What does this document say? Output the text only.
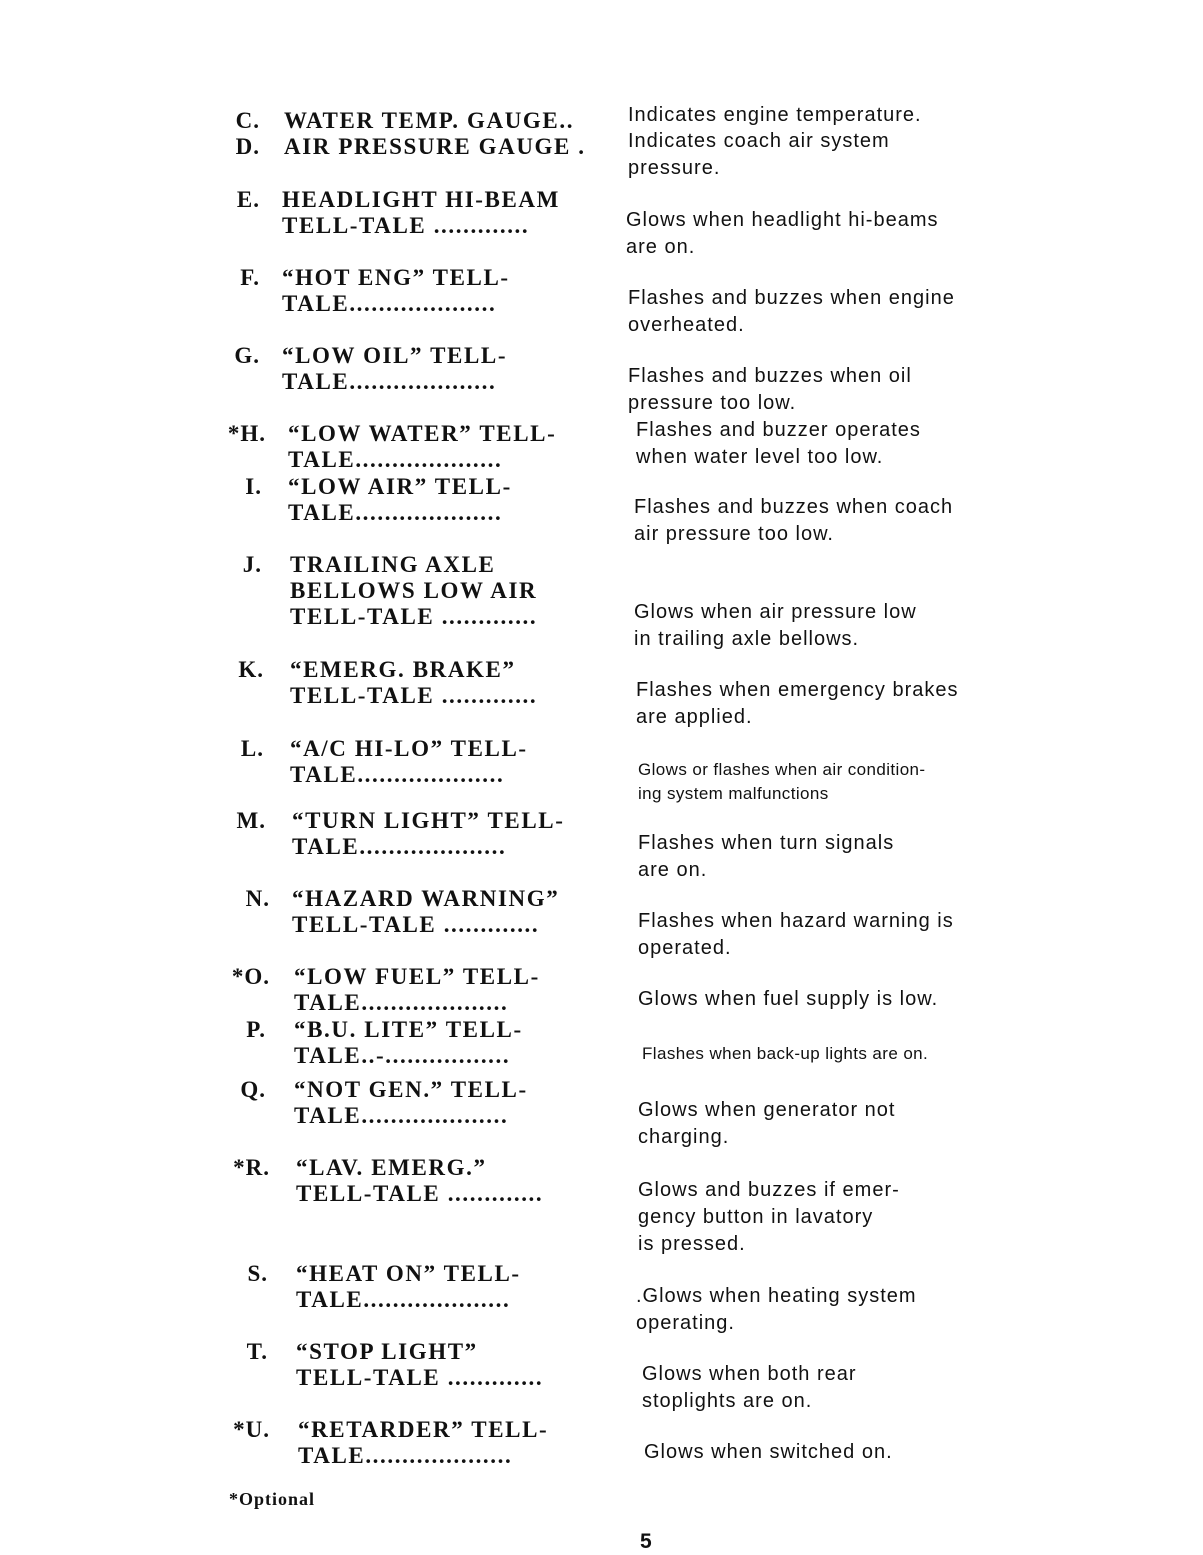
C. WATER TEMP. GAUGE..	Indicates engine temperature.
D. AIR PRESSURE GAUGE . Indicates coach air system
pressure.
E. HEADLIGHT HI-BEAM
TELL-TALE .............	Glows when headlight hi-beams
are on.
F. “HOT ENG” TELL-
TALE....................	Flashes and buzzes when engine
overheated.
G. “LOW OIL” TELL-
TALE....................	Flashes and buzzes when oil
pressure too low.
*H. “LOW WATER” TELL-
TALE....................
Flashes and buzzer operates
when water level too low.
I. “LOW AIR” TELL-
TALE....................	Flashes and buzzes when coach
air pressure too low.
J. TRAILING AXLE
BELLOWS LOW AIR
TELL-TALE .............	Glows when air pressure low
in trailing axle bellows.
K. “EMERG. BRAKE”
TELL-TALE .............	Flashes when emergency brakes
are applied.
L. “A/C HI-LO” TELL-
TALE....................	Glows or flashes when air condition-
ing system malfunctions
M. “TURN LIGHT” TELL-
TALE....................	Flashes when turn signals
are on.
N. “HAZARD WARNING”
TELL-TALE .............	Flashes when hazard warning is
operated.
*O. “LOW FUEL” TELL-
TALE....................	Glows when fuel supply is low.
P. “B.U. LITE” TELL-
TALE..-.................	Flashes when back-up lights are on.
Q. “NOT GEN.” TELL-
TALE....................	Glows when generator not
charging.
*R. “LAV. EMERG.”
TELL-TALE .............	Glows and buzzes if emer-
gency button in lavatory
is pressed.
S. “HEAT ON” TELL-
TALE....................	.Glows when heating system
operating.
T. “STOP LIGHT”
TELL-TALE .............	Glows when both rear
stoplights are on.
*U. “RETARDER” TELL-
TALE....................	Glows when switched on.
*Optional
5
